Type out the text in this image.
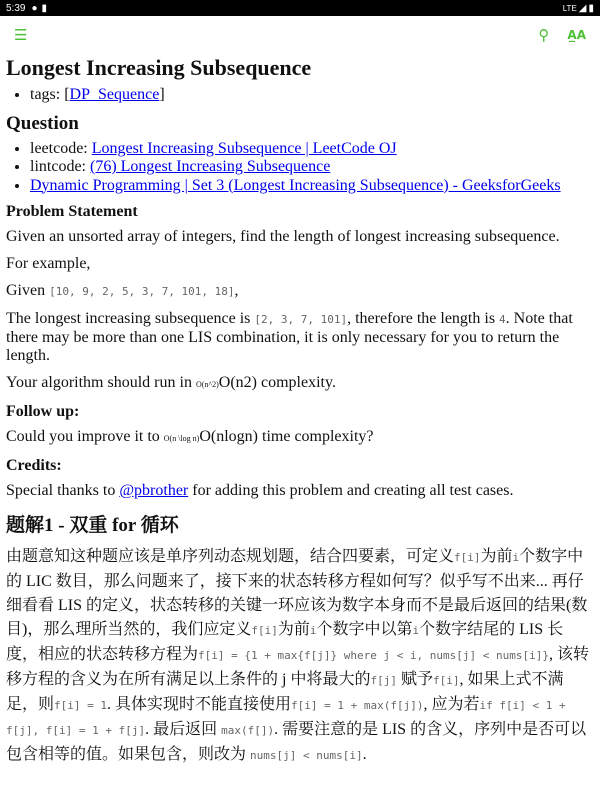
5:39 ● ▮	LTE ◢ ▮
☰	⚲ A̲A
Longest Increasing Subsequence
• tags: [DP_Sequence]
Question
• leetcode: Longest Increasing Subsequence | LeetCode OJ
• lintcode: (76) Longest Increasing Subsequence
• Dynamic Programming | Set 3 (Longest Increasing Subsequence) - GeeksforGeeks
Problem Statement

Given an unsorted array of integers, find the length of longest increasing subsequence.

For example,

Given [10, 9, 2, 5, 3, 7, 101, 18],

The longest increasing subsequence is [2, 3, 7, 101], therefore the length is 4. Note that there may be more than one LIS combination, it is only necessary for you to return the length.

Your algorithm should run in O(n^2)O(n2) complexity.

Follow up:

Could you improve it to O(n \log n)O(nlogn) time complexity?

Credits:

Special thanks to @pbrother for adding this problem and creating all test cases.

题解1 - 双重 for 循环

由题意知这种题应该是单序列动态规划题，结合四要素，可定义f[i]为前i个数字中的 LIC 数目，那么问题来了，接下来的状态转移方程如何写？似乎写不出来... 再仔细看看 LIS 的定义，状态转移的关键一环应该为数字本身而不是最后返回的结果(数目)，那么理所当然的，我们应定义f[i]为前i个数字中以第i个数字结尾的 LIS 长度，相应的状态转移方程为f[i] = {1 + max{f[j]} where j < i, nums[j] < nums[i]}, 该转移方程的含义为在所有满足以上条件的 j 中将最大的f[j] 赋予f[i], 如果上式不满足，则f[i] = 1. 具体实现时不能直接使用f[i] = 1 + max(f[j]), 应为若if f[i] < 1 + f[j], f[i] = 1 + f[j]. 最后返回 max(f[]). 需要注意的是 LIS 的含义，序列中是否可以包含相等的值。如果包含，则改为 nums[j] < nums[i].
